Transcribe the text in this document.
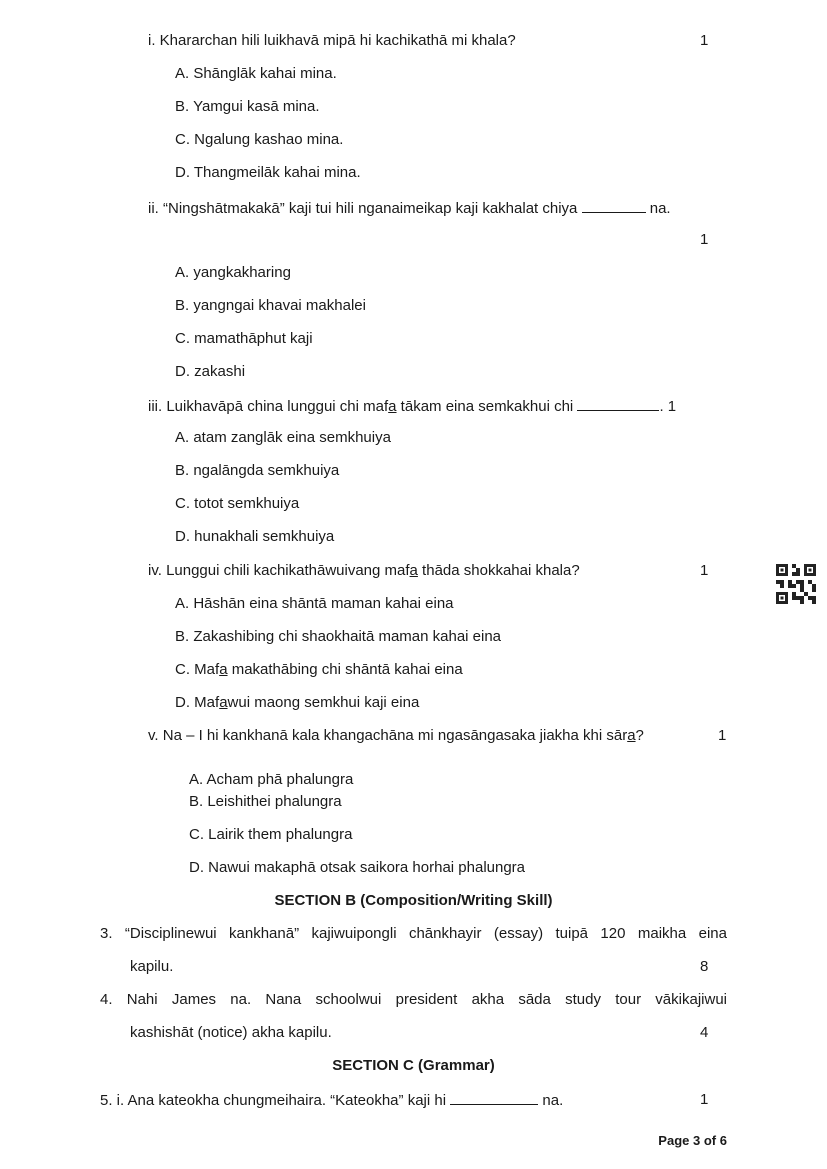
i. Khararchan hili luikhavā mipā hi kachikathā mi khala?	1
A. Shānglāk kahai mina.
B. Yamgui kasā mina.
C. Ngalung kashao mina.
D. Thangmeilāk kahai mina.
ii. “Ningshātmakakā” kaji tui hili nganaimeikap kaji kakhalat chiya	na.
1
A. yangkakharing
B. yangngai khavai makhalei
C. mamathāphut kaji
D. zakashi
iii. Luikhavāpā china lunggui chi mafa tākam eina semkakhui chi	. 1
A. atam zanglāk eina semkhuiya
B. ngalāngda semkhuiya
C. totot semkhuiya
D. hunakhali semkhuiya
iv. Lunggui chili kachikathāwuivang mafa thāda shokkahai khala?	1
A. Hāshān eina shāntā maman kahai eina
B. Zakashibing chi shaokhaitā maman kahai eina
C. Mafa makathābing chi shāntā kahai eina
D. Mafawui maong semkhui kaji eina
v. Na – I hi kankhanā kala khangachāna mi ngasāngasaka jiakha khi sāra?	1
A. Acham phā phalungra
B. Leishithei phalungra
C. Lairik them phalungra
D. Nawui makaphā otsak saikora horhai phalungra
SECTION B (Composition/Writing Skill)
3. “Disciplinewui kankhanā” kajiwuipongli chānkhayir (essay) tuipā 120 maikha eina
kapilu.	8
4. Nahi James na. Nana schoolwui president akha sāda study tour vākikajiwui
kashishāt (notice) akha kapilu.	4
SECTION C (Grammar)
5. i. Ana kateokha chungmeihaira. “Kateokha” kaji hi	na.	1
Page 3 of 6
